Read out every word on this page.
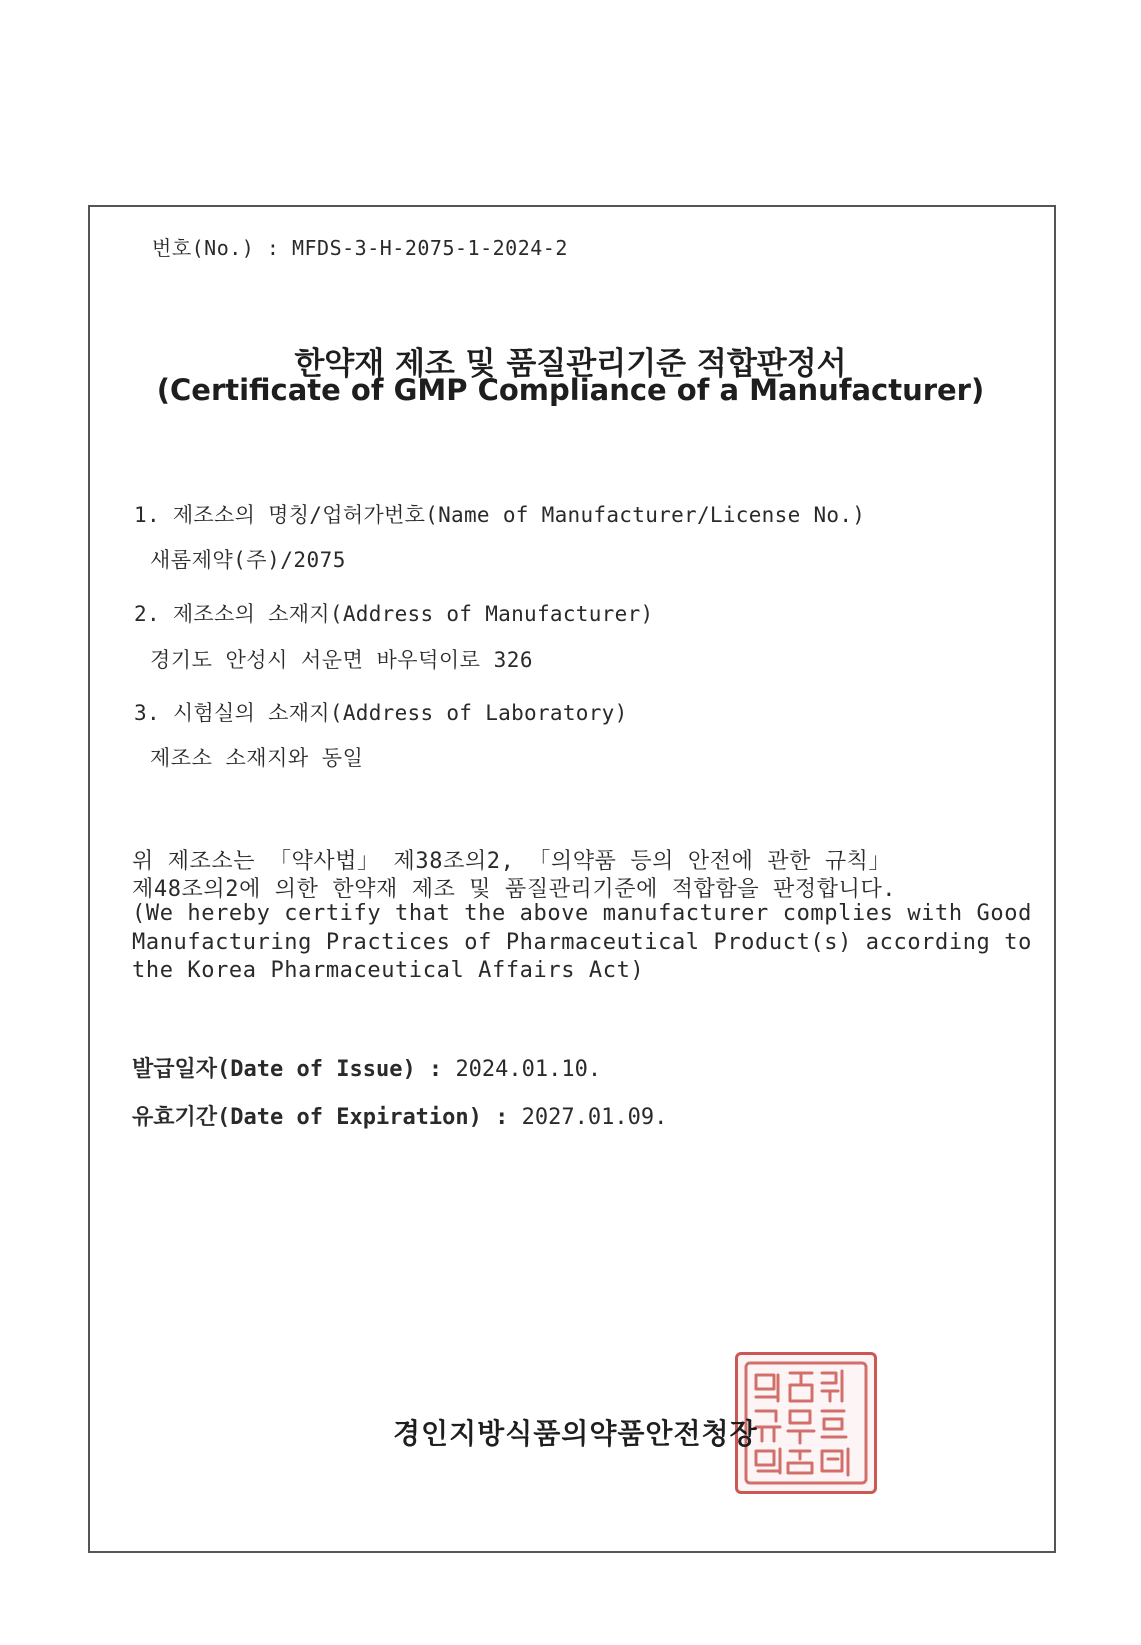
번호(No.) : MFDS-3-H-2075-1-2024-2
한약재 제조 및 품질관리기준 적합판정서
(Certificate of GMP Compliance of a Manufacturer)
1. 제조소의 명칭/업허가번호(Name of Manufacturer/License No.)
새롬제약(주)/2075
2. 제조소의 소재지(Address of Manufacturer)
경기도 안성시 서운면 바우덕이로 326
3. 시험실의 소재지(Address of Laboratory)
제조소 소재지와 동일
위 제조소는 「약사법」 제38조의2, 「의약품 등의 안전에 관한 규칙」
제48조의2에 의한 한약재 제조 및 품질관리기준에 적합함을 판정합니다.
(We hereby certify that the above manufacturer complies with Good
Manufacturing Practices of Pharmaceutical Product(s) according to
the Korea Pharmaceutical Affairs Act)
발급일자(Date of Issue) : 2024.01.10.
유효기간(Date of Expiration) : 2027.01.09.
경인지방식품의약품안전청장
